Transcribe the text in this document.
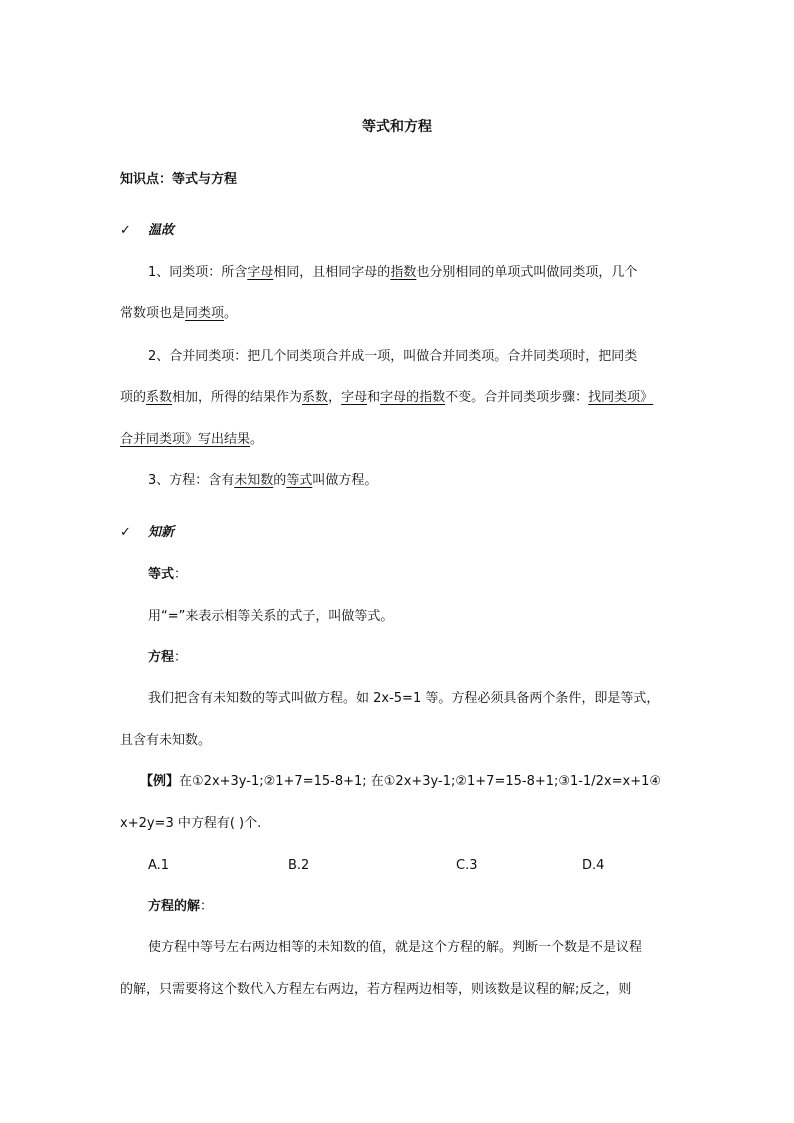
等式和方程
知识点：等式与方程
✓ 温故
1、同类项：所含字母相同，且相同字母的指数也分别相同的单项式叫做同类项，几个
常数项也是同类项。
2、合并同类项：把几个同类项合并成一项，叫做合并同类项。合并同类项时，把同类
项的系数相加，所得的结果作为系数，字母和字母的指数不变。合并同类项步骤：找同类项》
合并同类项》写出结果。
3、方程：含有未知数的等式叫做方程。
✓ 知新
等式：
用“=”来表示相等关系的式子，叫做等式。
方程：
我们把含有未知数的等式叫做方程。如 2x-5=1 等。方程必须具备两个条件，即是等式，
且含有未知数。
【例】在①2x+3y-1;②1+7=15-8+1; 在①2x+3y-1;②1+7=15-8+1;③1-1/2x=x+1④
x+2y=3 中方程有( )个.
A.1	B.2	C.3	D.4
方程的解：
使方程中等号左右两边相等的未知数的值，就是这个方程的解。判断一个数是不是议程
的解，只需要将这个数代入方程左右两边，若方程两边相等，则该数是议程的解;反之，则
